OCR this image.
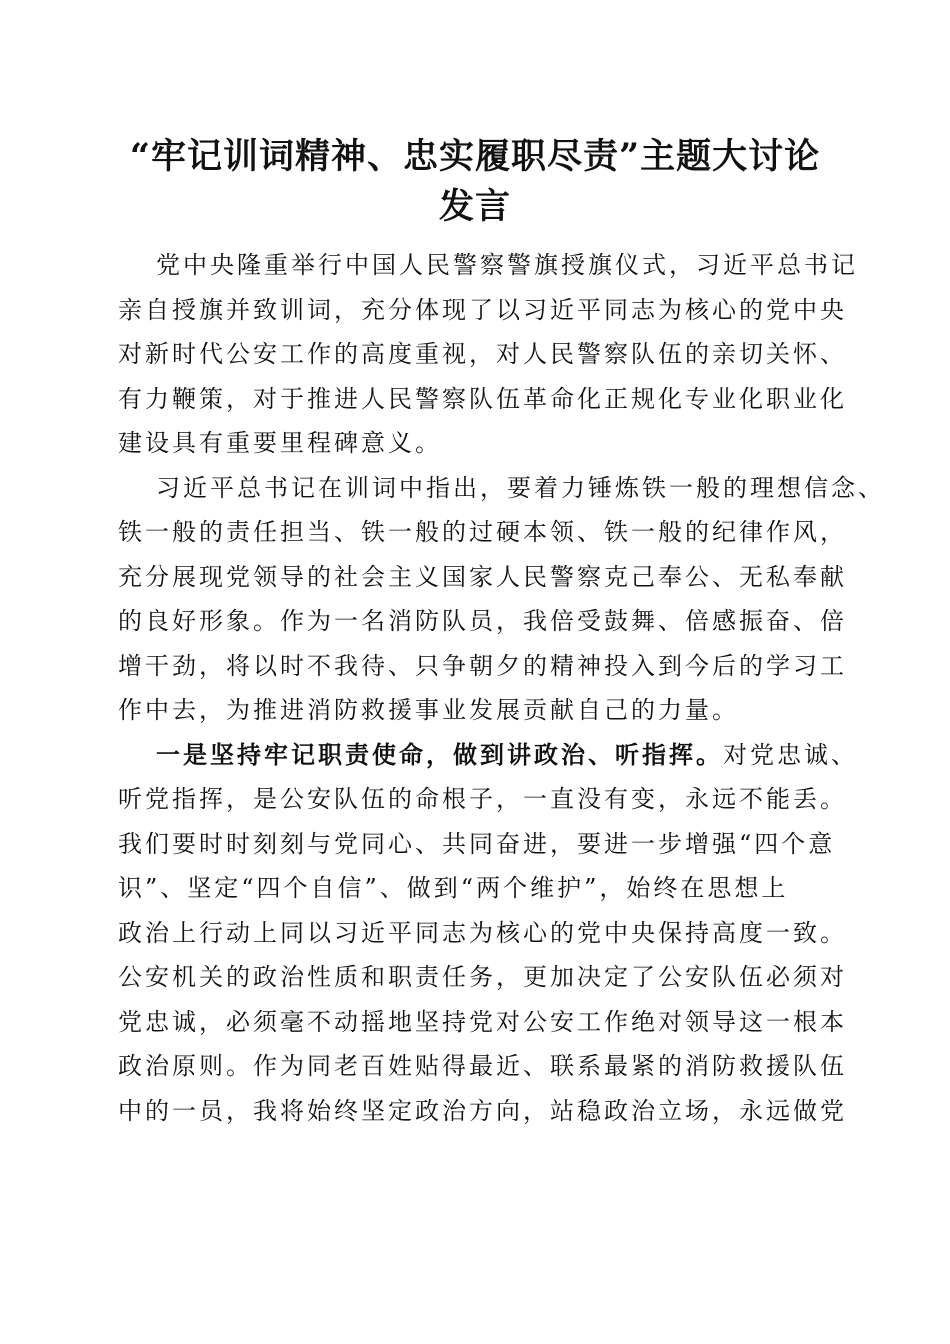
“牢记训词精神、忠实履职尽责”主题大讨论
发言

党中央隆重举行中国人民警察警旗授旗仪式，习近平总书记
亲自授旗并致训词，充分体现了以习近平同志为核心的党中央
对新时代公安工作的高度重视，对人民警察队伍的亲切关怀、
有力鞭策，对于推进人民警察队伍革命化正规化专业化职业化
建设具有重要里程碑意义。

习近平总书记在训词中指出，要着力锤炼铁一般的理想信念、
铁一般的责任担当、铁一般的过硬本领、铁一般的纪律作风，
充分展现党领导的社会主义国家人民警察克己奉公、无私奉献
的良好形象。作为一名消防队员，我倍受鼓舞、倍感振奋、倍
增干劲，将以时不我待、只争朝夕的精神投入到今后的学习工
作中去，为推进消防救援事业发展贡献自己的力量。

一是坚持牢记职责使命，做到讲政治、听指挥。对党忠诚、
听党指挥，是公安队伍的命根子，一直没有变，永远不能丢。
我们要时时刻刻与党同心、共同奋进，要进一步增强“四个意
识”、坚定“四个自信”、做到“两个维护”，始终在思想上
政治上行动上同以习近平同志为核心的党中央保持高度一致。
公安机关的政治性质和职责任务，更加决定了公安队伍必须对
党忠诚，必须毫不动摇地坚持党对公安工作绝对领导这一根本
政治原则。作为同老百姓贴得最近、联系最紧的消防救援队伍
中的一员，我将始终坚定政治方向，站稳政治立场，永远做党
